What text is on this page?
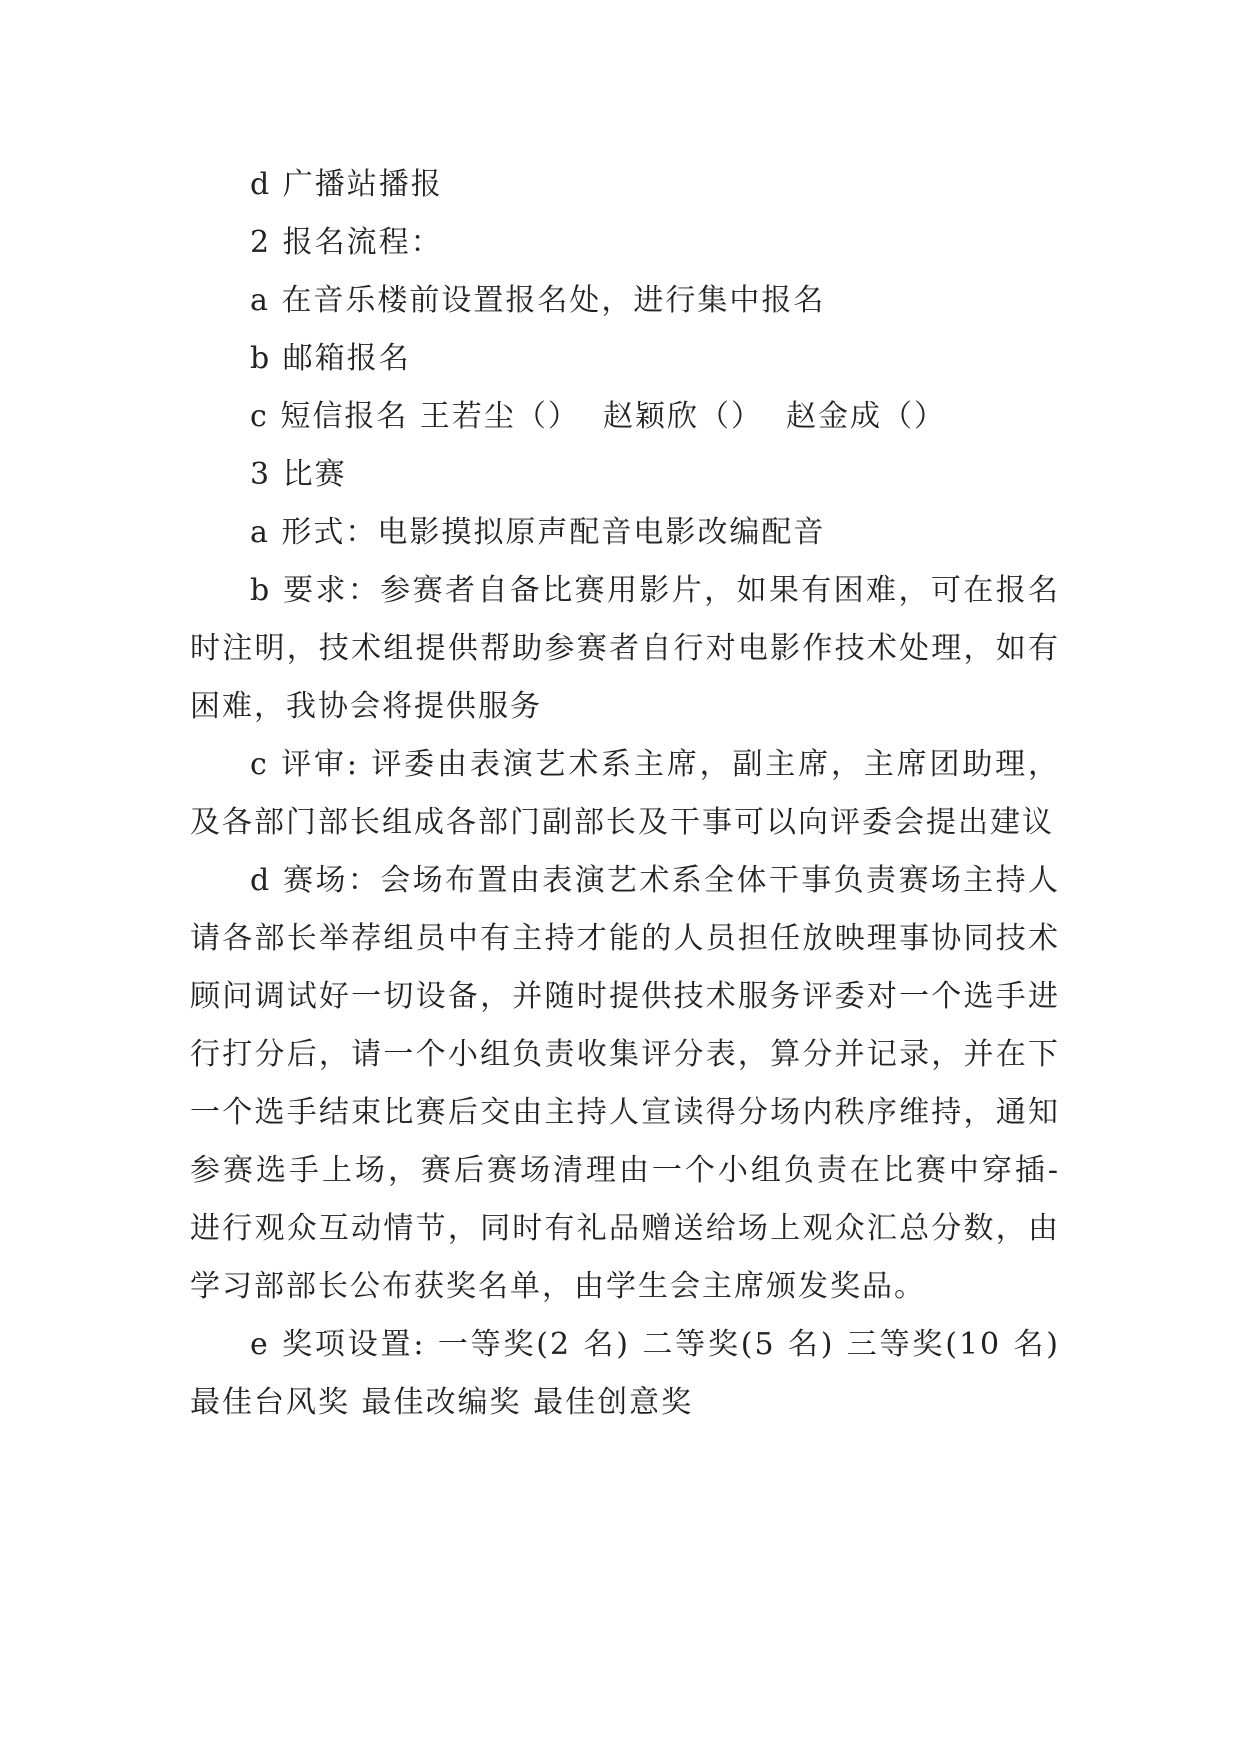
d 广播站播报

2 报名流程：

a 在音乐楼前设置报名处，进行集中报名

b 邮箱报名

c 短信报名 王若尘（）  赵颖欣（）  赵金成（）

3 比赛

a 形式：电影摸拟原声配音电影改编配音

b 要求：参赛者自备比赛用影片，如果有困难，可在报名时注明，技术组提供帮助参赛者自行对电影作技术处理，如有困难，我协会将提供服务

c 评审: 评委由表演艺术系主席，副主席，主席团助理，及各部门部长组成各部门副部长及干事可以向评委会提出建议

d 赛场：会场布置由表演艺术系全体干事负责赛场主持人请各部长举荐组员中有主持才能的人员担任放映理事协同技术顾问调试好一切设备，并随时提供技术服务评委对一个选手进行打分后，请一个小组负责收集评分表，算分并记录，并在下一个选手结束比赛后交由主持人宣读得分场内秩序维持，通知参赛选手上场，赛后赛场清理由一个小组负责在比赛中穿插-进行观众互动情节，同时有礼品赠送给场上观众汇总分数，由学习部部长公布获奖名单，由学生会主席颁发奖品。

e 奖项设置: 一等奖(2 名) 二等奖(5 名) 三等奖(10 名) 最佳台风奖 最佳改编奖 最佳创意奖
